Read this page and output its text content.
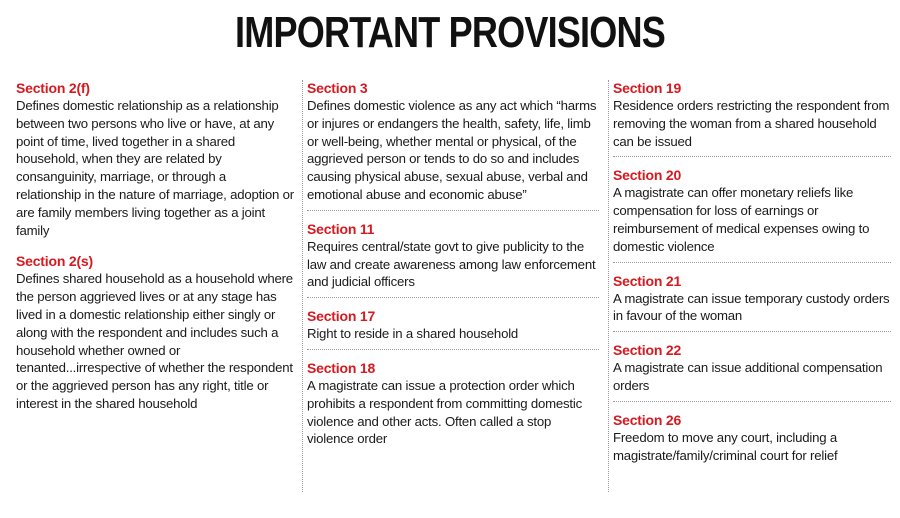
IMPORTANT PROVISIONS
Section 2(f)
Defines domestic relationship as a relationship between two persons who live or have, at any point of time, lived together in a shared household, when they are related by consanguinity, marriage, or through a relationship in the nature of marriage, adoption or are family members living together as a joint family
Section 2(s)
Defines shared household as a household where the person aggrieved lives or at any stage has lived in a domestic relationship either singly or along with the respondent and includes such a household whether owned or tenanted...irrespective of whether the respondent or the aggrieved person has any right, title or interest in the shared household
Section 3
Defines domestic violence as any act which “harms or injures or endangers the health, safety, life, limb or well-being, whether mental or physical, of the aggrieved person or tends to do so and includes causing physical abuse, sexual abuse, verbal and emotional abuse and economic abuse”
Section 11
Requires central/state govt to give publicity to the law and create awareness among law enforcement and judicial officers
Section 17
Right to reside in a shared household
Section 18
A magistrate can issue a protection order which prohibits a respondent from committing domestic violence and other acts. Often called a stop violence order
Section 19
Residence orders restricting the respondent from removing the woman from a shared household can be issued
Section 20
A magistrate can offer monetary reliefs like compensation for loss of earnings or reimbursement of medical expenses owing to domestic violence
Section 21
A magistrate can issue temporary custody orders in favour of the woman
Section 22
A magistrate can issue additional compensation orders
Section 26
Freedom to move any court, including a magistrate/family/criminal court for relief
